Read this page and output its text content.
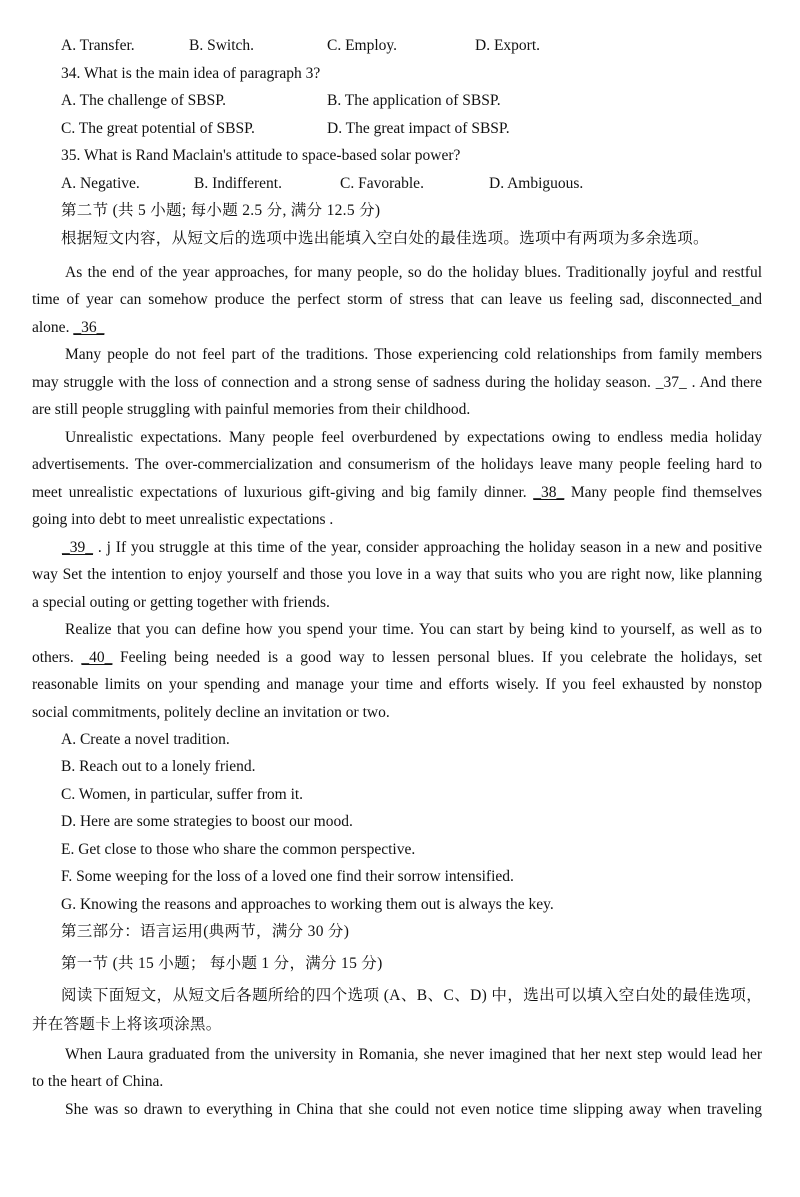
A. Transfer.	B. Switch.	C. Employ.	D. Export.
34. What is the main idea of paragraph 3?
A. The challenge of SBSP.	B. The application of SBSP.
C. The great potential of SBSP.	D. The great impact of SBSP.
35. What is Rand Maclain's attitude to space-based solar power?
A. Negative.	B. Indifferent.	C. Favorable.	D. Ambiguous.
第二节 (共 5 小题; 每小题 2.5 分, 满分 12.5 分)
根据短文内容，从短文后的选项中选出能填入空白处的最佳选项。选项中有两项为多余选项。
As the end of the year approaches, for many people, so do the holiday blues. Traditionally joyful and restful
time of year can somehow produce the perfect storm of stress that can leave us feeling sad, disconnected_and
alone. _36_
Many people do not feel part of the traditions. Those experiencing cold relationships from family members
may struggle with the loss of connection and a strong sense of sadness during the holiday season. _37_ . And there
are still people struggling with painful memories from their childhood.
Unrealistic expectations. Many people feel overburdened by expectations owing to endless media holiday
advertisements. The over-commercialization and consumerism of the holidays leave many people feeling hard to
meet unrealistic expectations of luxurious gift-giving and big family dinner. _38_ Many people find themselves
going into debt to meet unrealistic expectations .
_39_ . j If you struggle at this time of the year, consider approaching the holiday season in a new and positive
way Set the intention to enjoy yourself and those you love in a way that suits who you are right now, like planning
a special outing or getting together with friends.
Realize that you can define how you spend your time. You can start by being kind to yourself, as well as to
others. _40_ Feeling being needed is a good way to lessen personal blues. If you celebrate the holidays, set
reasonable limits on your spending and manage your time and efforts wisely. If you feel exhausted by nonstop
social commitments, politely decline an invitation or two.
A. Create a novel tradition.
B. Reach out to a lonely friend.
C. Women, in particular, suffer from it.
D. Here are some strategies to boost our mood.
E. Get close to those who share the common perspective.
F. Some weeping for the loss of a loved one find their sorrow intensified.
G. Knowing the reasons and approaches to working them out is always the key.
第三部分：语言运用(典两节，满分 30 分)
第一节 (共 15 小题； 每小题 1 分，满分 15 分)
阅读下面短文，从短文后各题所给的四个选项 (A、B、C、D) 中，选出可以填入空白处的最佳选项，
并在答题卡上将该项涂黑。
When Laura graduated from the university in Romania, she never imagined that her next step would lead her
to the heart of China.
She was so drawn to everything in China that she could not even notice time slipping away when traveling
